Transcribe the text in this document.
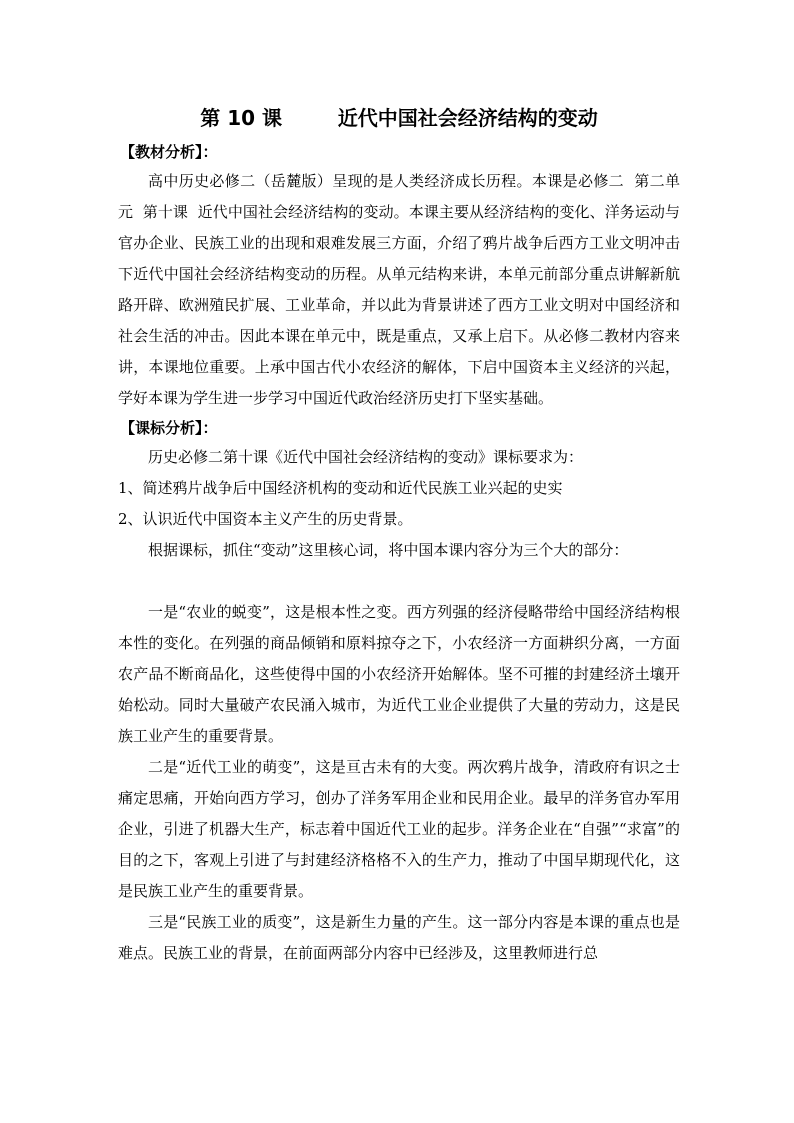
第 10 课        近代中国社会经济结构的变动

【教材分析】：

高中历史必修二（岳麓版）呈现的是人类经济成长历程。本课是必修二  第二单元  第十课  近代中国社会经济结构的变动。本课主要从经济结构的变化、洋务运动与官办企业、民族工业的出现和艰难发展三方面，介绍了鸦片战争后西方工业文明冲击下近代中国社会经济结构变动的历程。从单元结构来讲，本单元前部分重点讲解新航路开辟、欧洲殖民扩展、工业革命，并以此为背景讲述了西方工业文明对中国经济和社会生活的冲击。因此本课在单元中，既是重点，又承上启下。从必修二教材内容来讲，本课地位重要。上承中国古代小农经济的解体，下启中国资本主义经济的兴起，学好本课为学生进一步学习中国近代政治经济历史打下坚实基础。

【课标分析】：

历史必修二第十课《近代中国社会经济结构的变动》课标要求为：

1、简述鸦片战争后中国经济机构的变动和近代民族工业兴起的史实

2、认识近代中国资本主义产生的历史背景。

根据课标，抓住“变动”这里核心词，将中国本课内容分为三个大的部分：

一是“农业的蜕变”，这是根本性之变。西方列强的经济侵略带给中国经济结构根本性的变化。在列强的商品倾销和原料掠夺之下，小农经济一方面耕织分离，一方面农产品不断商品化，这些使得中国的小农经济开始解体。坚不可摧的封建经济土壤开始松动。同时大量破产农民涌入城市，为近代工业企业提供了大量的劳动力，这是民族工业产生的重要背景。

二是“近代工业的萌变”，这是亘古未有的大变。两次鸦片战争，清政府有识之士痛定思痛，开始向西方学习，创办了洋务军用企业和民用企业。最早的洋务官办军用企业，引进了机器大生产，标志着中国近代工业的起步。洋务企业在“自强”“求富”的目的之下，客观上引进了与封建经济格格不入的生产力，推动了中国早期现代化，这是民族工业产生的重要背景。

三是“民族工业的质变”，这是新生力量的产生。这一部分内容是本课的重点也是难点。民族工业的背景，在前面两部分内容中已经涉及，这里教师进行总
